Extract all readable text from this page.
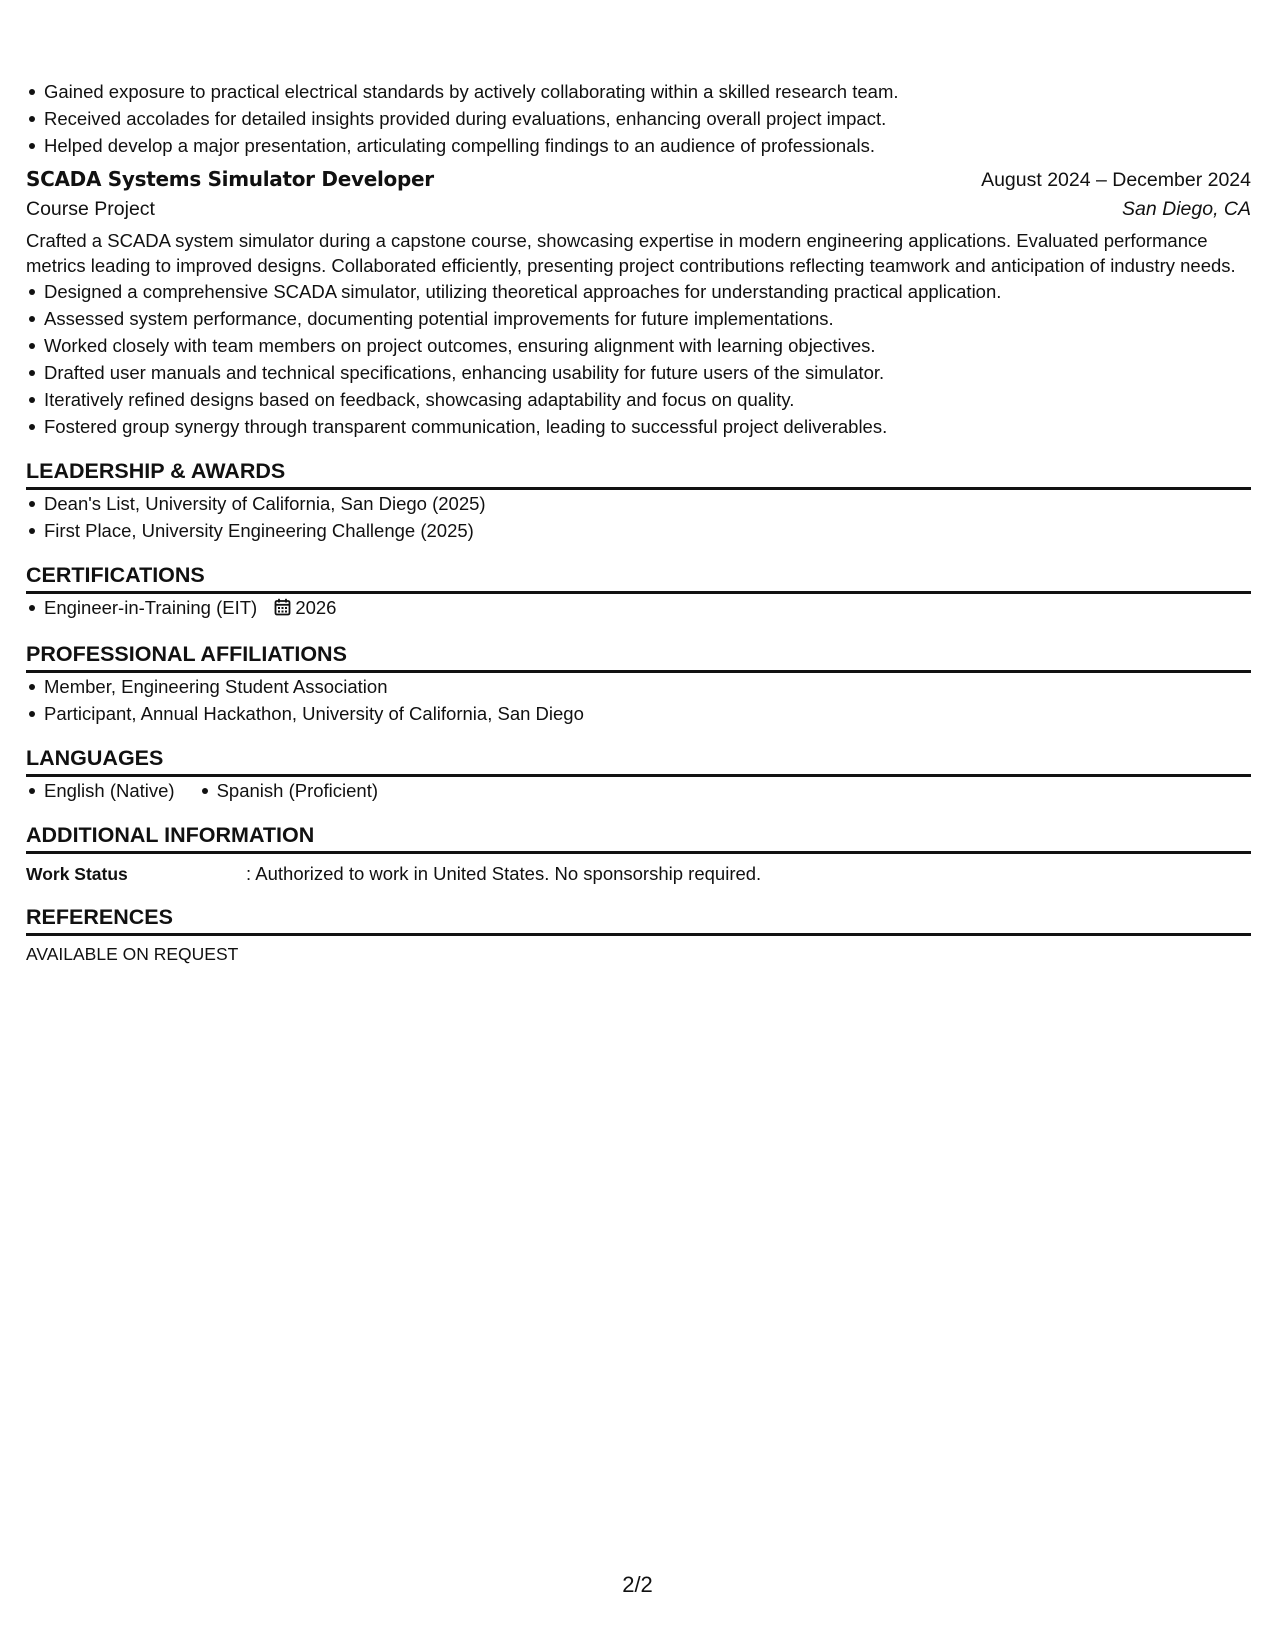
Gained exposure to practical electrical standards by actively collaborating within a skilled research team.
Received accolades for detailed insights provided during evaluations, enhancing overall project impact.
Helped develop a major presentation, articulating compelling findings to an audience of professionals.
SCADA Systems Simulator Developer	August 2024 – December 2024
Course Project	San Diego, CA
Crafted a SCADA system simulator during a capstone course, showcasing expertise in modern engineering applications. Evaluated performance metrics leading to improved designs. Collaborated efficiently, presenting project contributions reflecting teamwork and anticipation of industry needs.
Designed a comprehensive SCADA simulator, utilizing theoretical approaches for understanding practical application.
Assessed system performance, documenting potential improvements for future implementations.
Worked closely with team members on project outcomes, ensuring alignment with learning objectives.
Drafted user manuals and technical specifications, enhancing usability for future users of the simulator.
Iteratively refined designs based on feedback, showcasing adaptability and focus on quality.
Fostered group synergy through transparent communication, leading to successful project deliverables.
LEADERSHIP & AWARDS
Dean's List, University of California, San Diego (2025)
First Place, University Engineering Challenge (2025)
CERTIFICATIONS
Engineer-in-Training (EIT) 2026
PROFESSIONAL AFFILIATIONS
Member, Engineering Student Association
Participant, Annual Hackathon, University of California, San Diego
LANGUAGES
English (Native) Spanish (Proficient)
ADDITIONAL INFORMATION
Work Status	: Authorized to work in United States. No sponsorship required.
REFERENCES
AVAILABLE ON REQUEST
2/2
